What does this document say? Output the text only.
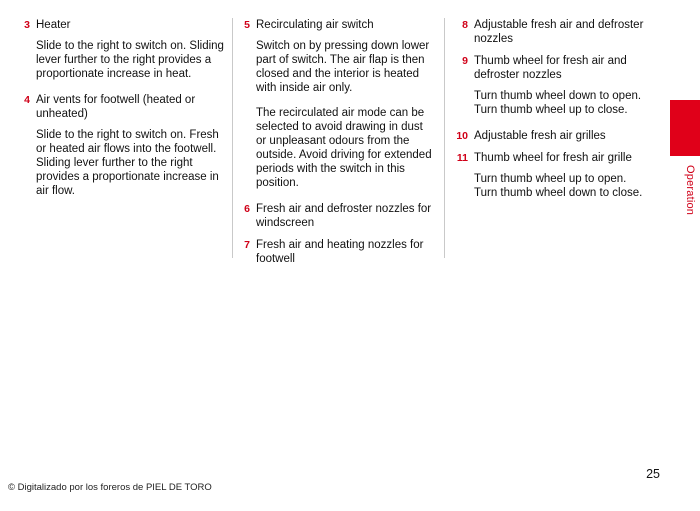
3 Heater

Slide to the right to switch on. Sliding lever further to the right provides a proportionate increase in heat.

4 Air vents for footwell (heated or unheated)

Slide to the right to switch on. Fresh or heated air flows into the footwell. Sliding lever further to the right provides a proportionate increase in air flow.

5 Recirculating air switch

Switch on by pressing down lower part of switch. The air flap is then closed and the interior is heated with inside air only.

The recirculated air mode can be selected to avoid drawing in dust or unpleasant odours from the outside. Avoid driving for extended periods with the switch in this position.

6 Fresh air and defroster nozzles for windscreen
7 Fresh air and heating nozzles for footwell
8 Adjustable fresh air and defroster nozzles
9 Thumb wheel for fresh air and defroster nozzles

Turn thumb wheel down to open.
Turn thumb wheel up to close.

10 Adjustable fresh air grilles
11 Thumb wheel for fresh air grille

Turn thumb wheel up to open.
Turn thumb wheel down to close.	Operation
25
© Digitalizado por los foreros de PIEL DE TORO
